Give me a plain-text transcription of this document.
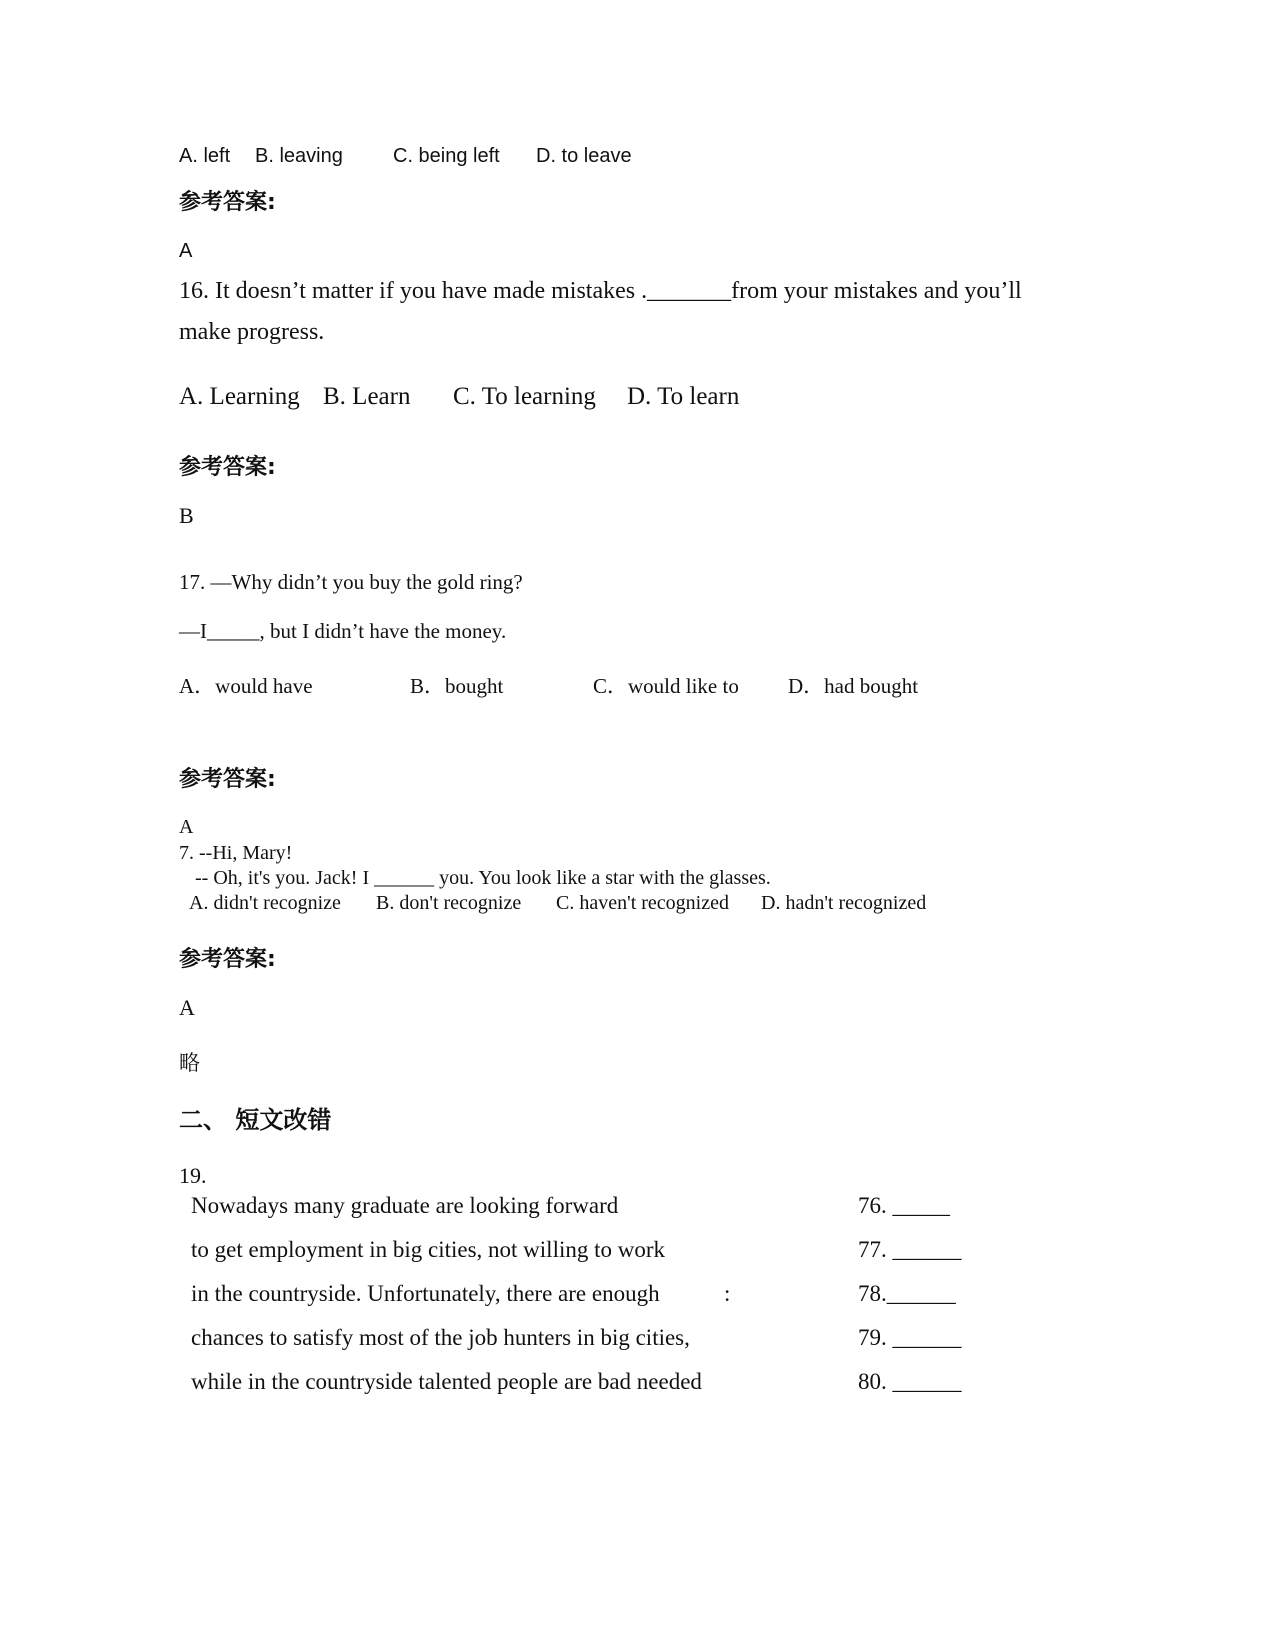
A. left B. leaving	C. being left D. to leave
参考答案:
A
16. It doesn’t matter if you have made mistakes ._______from your mistakes and you’ll
make progress.
A. Learning B. Learn C. To learning D. To learn
参考答案:
B
17. —Why didn’t you buy the gold ring?
—I_____, but I didn’t have the money.
A．would have	B．bought	C．would like to D．had bought
参考答案:
A
7. --Hi, Mary!
-- Oh, it's you. Jack! I ______ you. You look like a star with the glasses.
A. didn't recognize B. don't recognize C. haven't recognized D. hadn't recognized
参考答案:
A
略
二、 短文改错
19.
Nowadays many graduate are looking forward	76. _____
to get employment in big cities, not willing to work	77. ______
in the countryside. Unfortunately, there are enough	:	78.______
chances to satisfy most of the job hunters in big cities,	79. ______
while in the countryside talented people are bad needed	80. ______
